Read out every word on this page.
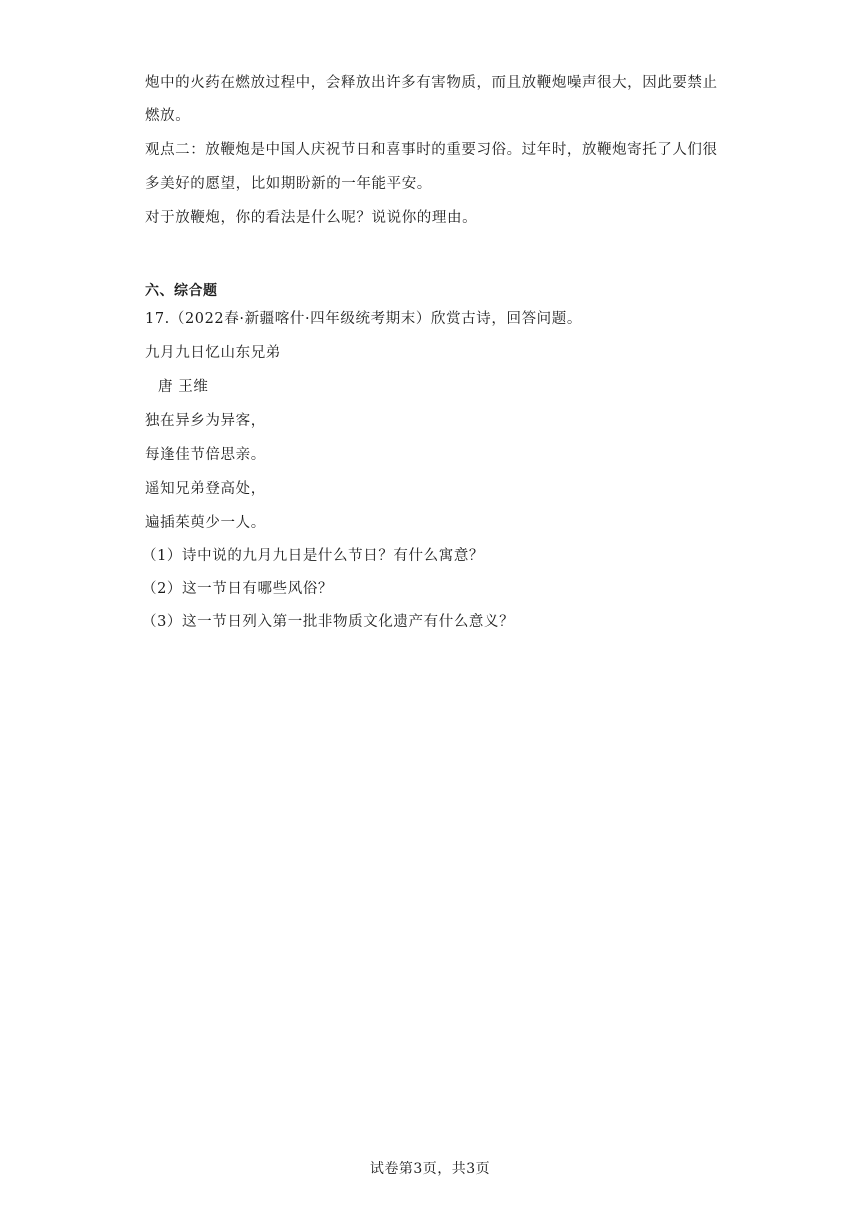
炮中的火药在燃放过程中，会释放出许多有害物质，而且放鞭炮噪声很大，因此要禁止
燃放。
观点二：放鞭炮是中国人庆祝节日和喜事时的重要习俗。过年时，放鞭炮寄托了人们很
多美好的愿望，比如期盼新的一年能平安。
对于放鞭炮，你的看法是什么呢？说说你的理由。
六、综合题
17.（2022春·新疆喀什·四年级统考期末）欣赏古诗，回答问题。
九月九日忆山东兄弟
唐 王维
独在异乡为异客，
每逢佳节倍思亲。
遥知兄弟登高处，
遍插茱萸少一人。
（1）诗中说的九月九日是什么节日？有什么寓意？
（2）这一节日有哪些风俗？
（3）这一节日列入第一批非物质文化遗产有什么意义？
试卷第3页，共3页
